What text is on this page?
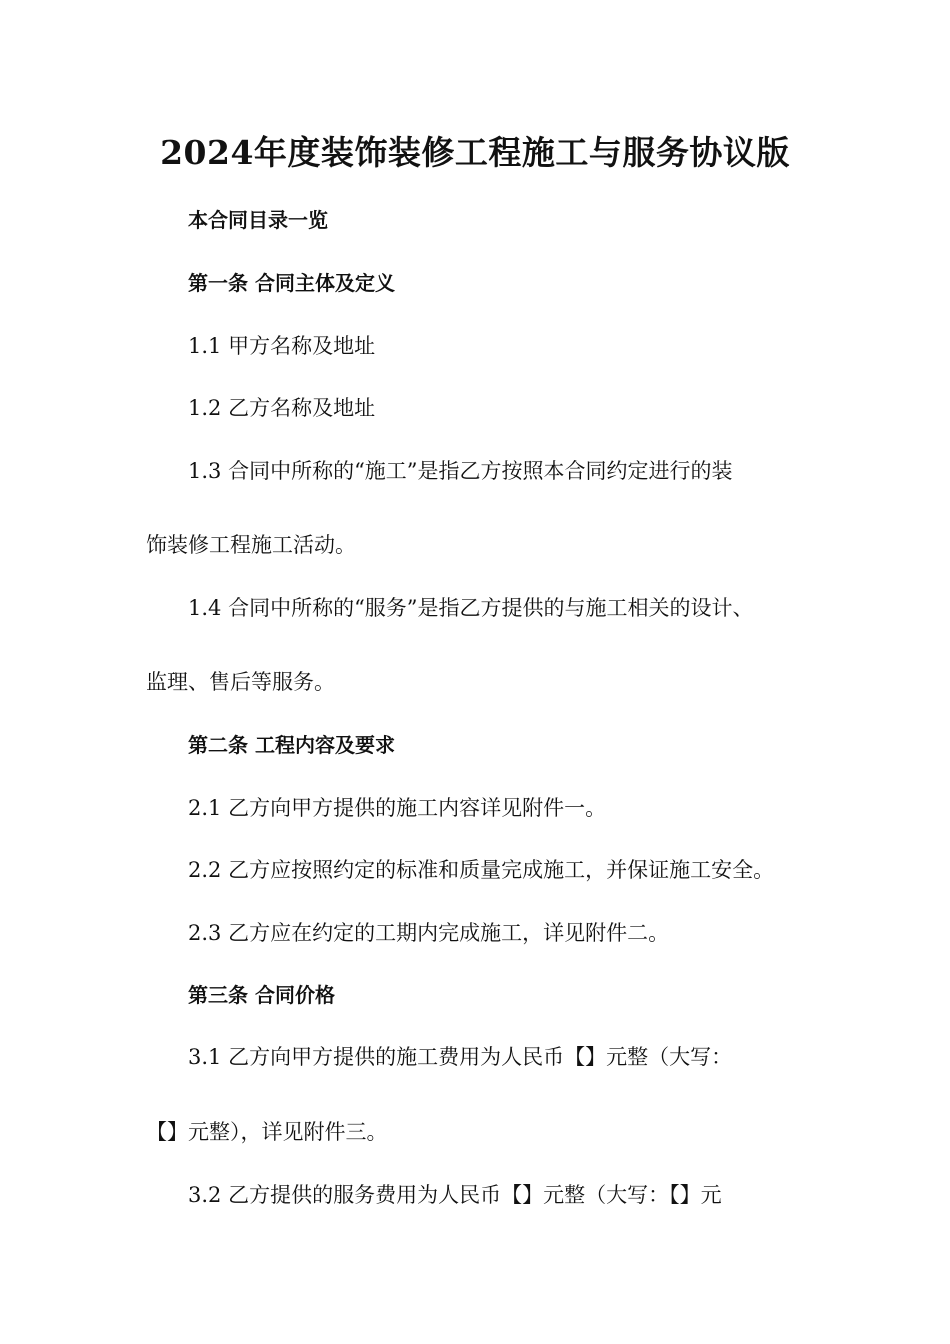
2024年度装饰装修工程施工与服务协议版
本合同目录一览
第一条 合同主体及定义
1.1 甲方名称及地址
1.2 乙方名称及地址
1.3 合同中所称的“施工”是指乙方按照本合同约定进行的装
饰装修工程施工活动。
1.4 合同中所称的“服务”是指乙方提供的与施工相关的设计、
监理、售后等服务。
第二条 工程内容及要求
2.1 乙方向甲方提供的施工内容详见附件一。
2.2 乙方应按照约定的标准和质量完成施工，并保证施工安全。
2.3 乙方应在约定的工期内完成施工，详见附件二。
第三条 合同价格
3.1 乙方向甲方提供的施工费用为人民币【】元整（大写：
【】元整），详见附件三。
3.2 乙方提供的服务费用为人民币【】元整（大写：【】元
